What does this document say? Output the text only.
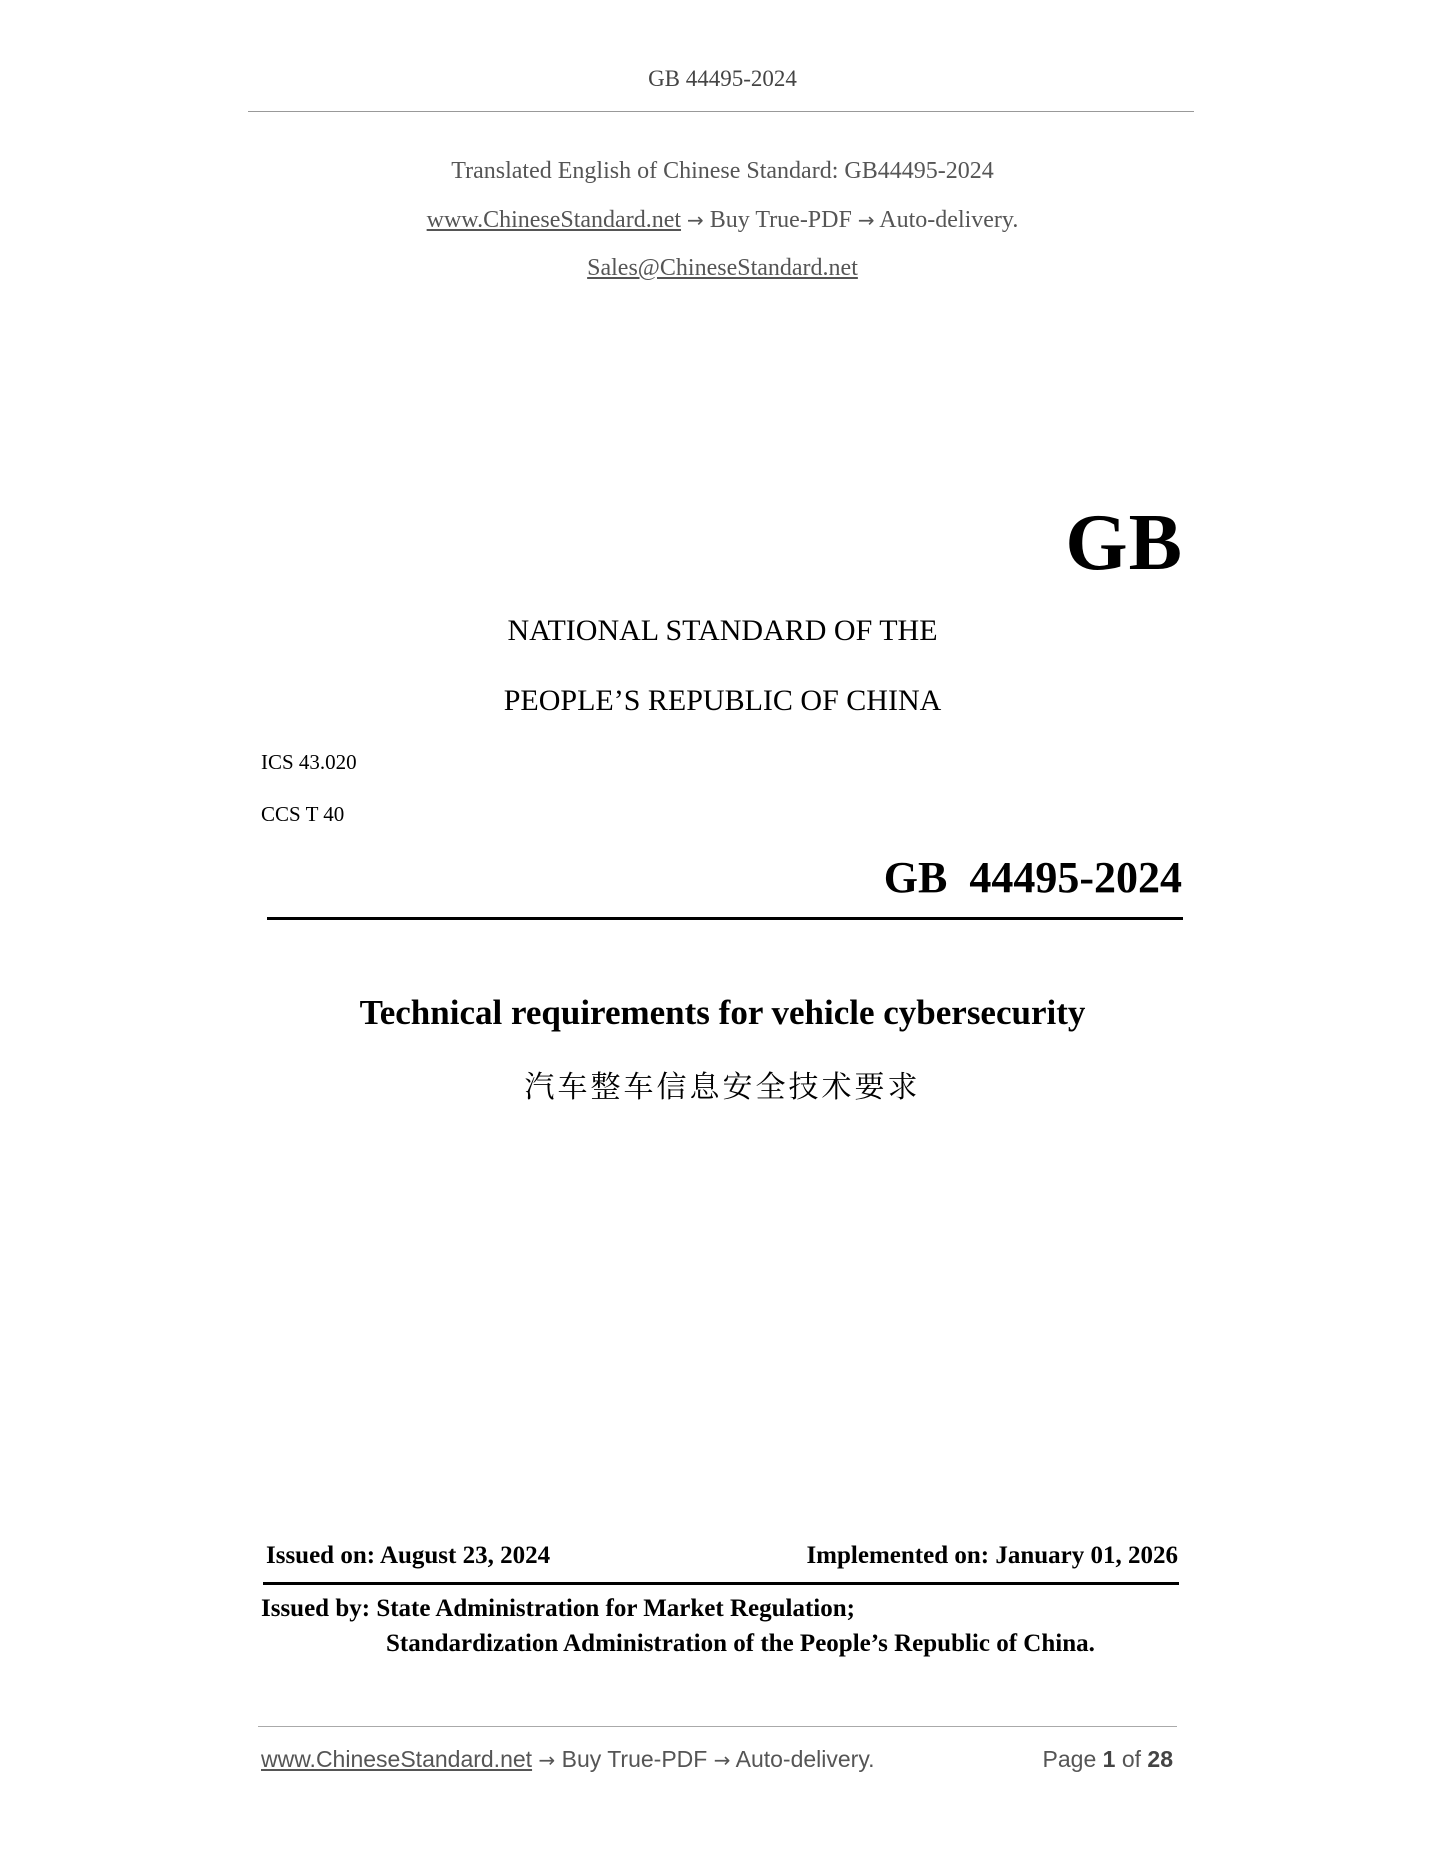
GB 44495-2024
Translated English of Chinese Standard: GB44495-2024
www.ChineseStandard.net → Buy True-PDF → Auto-delivery.
Sales@ChineseStandard.net
GB
NATIONAL STANDARD OF THE
PEOPLE’S REPUBLIC OF CHINA
ICS 43.020
CCS T 40
GB  44495-2024
Technical requirements for vehicle cybersecurity
汽车整车信息安全技术要求
Issued on: August 23, 2024	Implemented on: January 01, 2026
Issued by: State Administration for Market Regulation;
Standardization Administration of the People’s Republic of China.
www.ChineseStandard.net → Buy True-PDF → Auto-delivery.	Page 1 of 28
